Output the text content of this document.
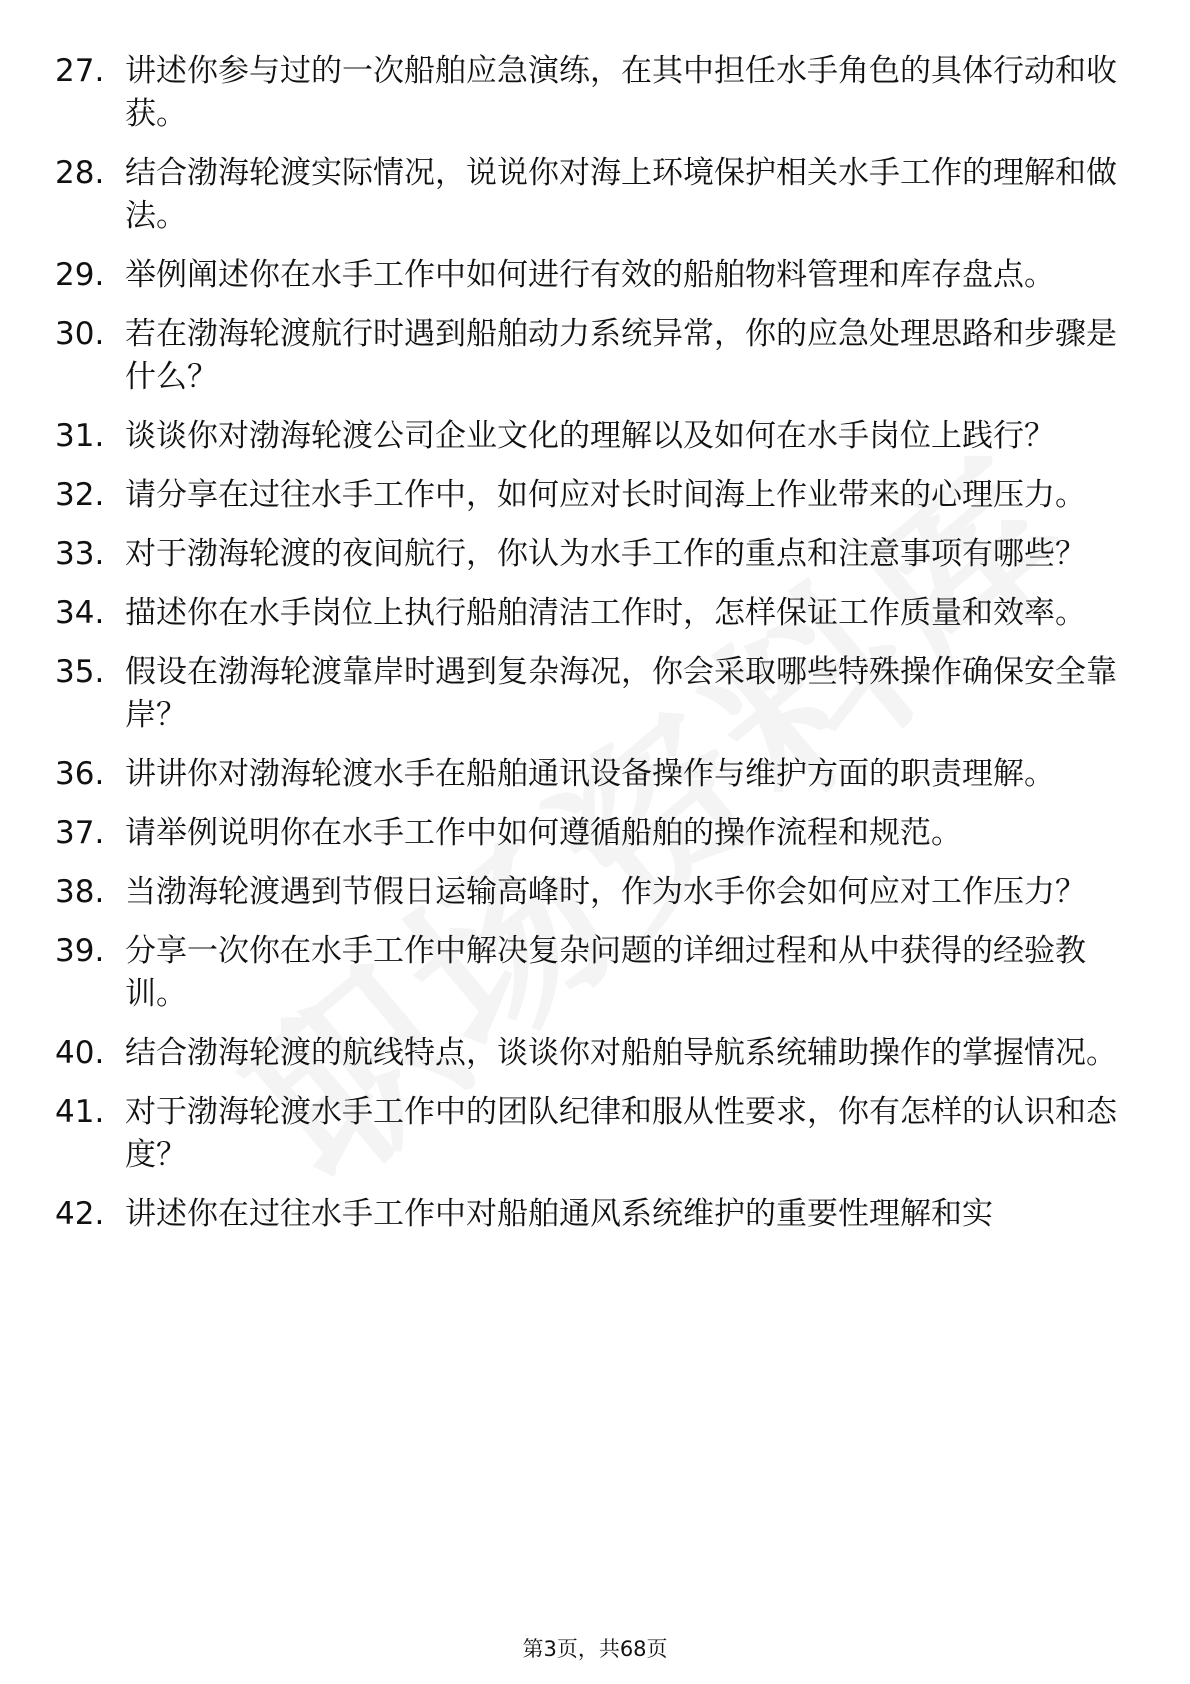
27. 讲述你参与过的一次船舶应急演练，在其中担任水手角色的具体行动和收获。
28. 结合渤海轮渡实际情况，说说你对海上环境保护相关水手工作的理解和做法。
29. 举例阐述你在水手工作中如何进行有效的船舶物料管理和库存盘点。
30. 若在渤海轮渡航行时遇到船舶动力系统异常，你的应急处理思路和步骤是什么？
31. 谈谈你对渤海轮渡公司企业文化的理解以及如何在水手岗位上践行？
32. 请分享在过往水手工作中，如何应对长时间海上作业带来的心理压力。
33. 对于渤海轮渡的夜间航行，你认为水手工作的重点和注意事项有哪些？
34. 描述你在水手岗位上执行船舶清洁工作时，怎样保证工作质量和效率。
35. 假设在渤海轮渡靠岸时遇到复杂海况，你会采取哪些特殊操作确保安全靠岸？
36. 讲讲你对渤海轮渡水手在船舶通讯设备操作与维护方面的职责理解。
37. 请举例说明你在水手工作中如何遵循船舶的操作流程和规范。
38. 当渤海轮渡遇到节假日运输高峰时，作为水手你会如何应对工作压力？
39. 分享一次你在水手工作中解决复杂问题的详细过程和从中获得的经验教训。
40. 结合渤海轮渡的航线特点，谈谈你对船舶导航系统辅助操作的掌握情况。
41. 对于渤海轮渡水手工作中的团队纪律和服从性要求，你有怎样的认识和态度？
42. 讲述你在过往水手工作中对船舶通风系统维护的重要性理解和实
第3页，共68页
